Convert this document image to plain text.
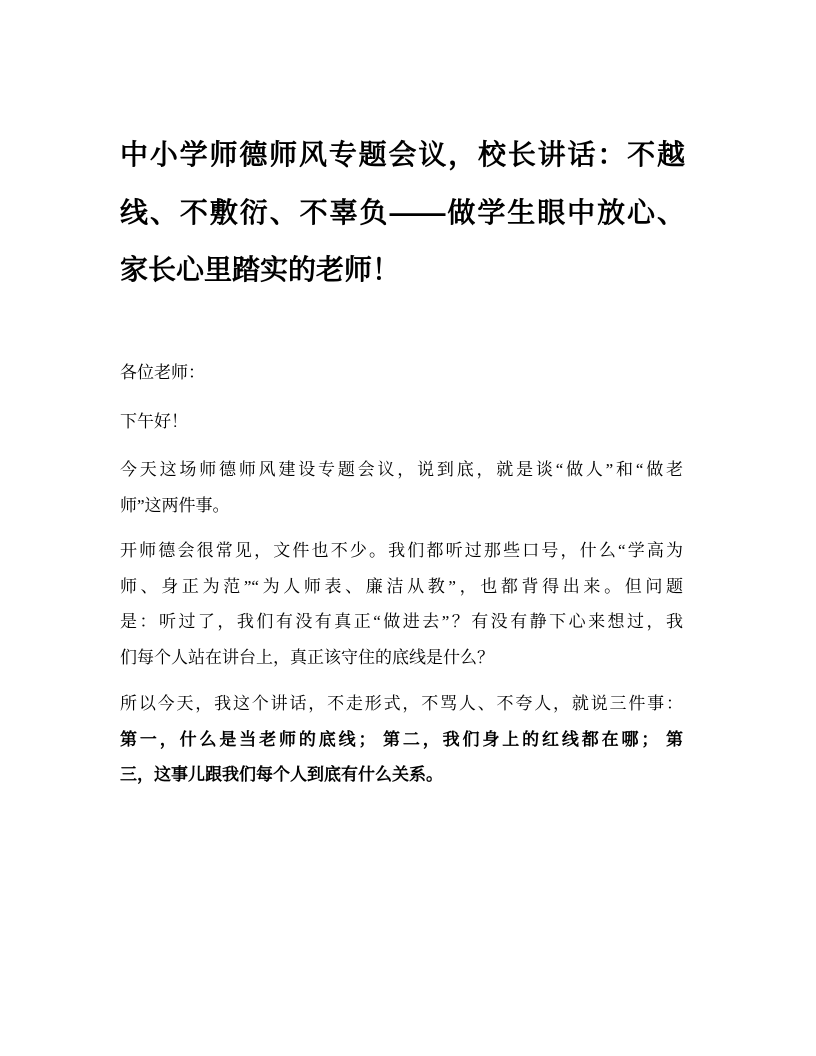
中小学师德师风专题会议，校长讲话：不越
线、不敷衍、不辜负——做学生眼中放心、
家长心里踏实的老师！
各位老师：
下午好！
今天这场师德师风建设专题会议，说到底，就是谈“做人”和“做老
师”这两件事。
开师德会很常见，文件也不少。我们都听过那些口号，什么“学高为
师、身正为范”“为人师表、廉洁从教”，也都背得出来。但问题
是：听过了，我们有没有真正“做进去”？有没有静下心来想过，我
们每个人站在讲台上，真正该守住的底线是什么？
所以今天，我这个讲话，不走形式，不骂人、不夸人，就说三件事：
第一，什么是当老师的底线； 第二，我们身上的红线都在哪； 第
三，这事儿跟我们每个人到底有什么关系。
